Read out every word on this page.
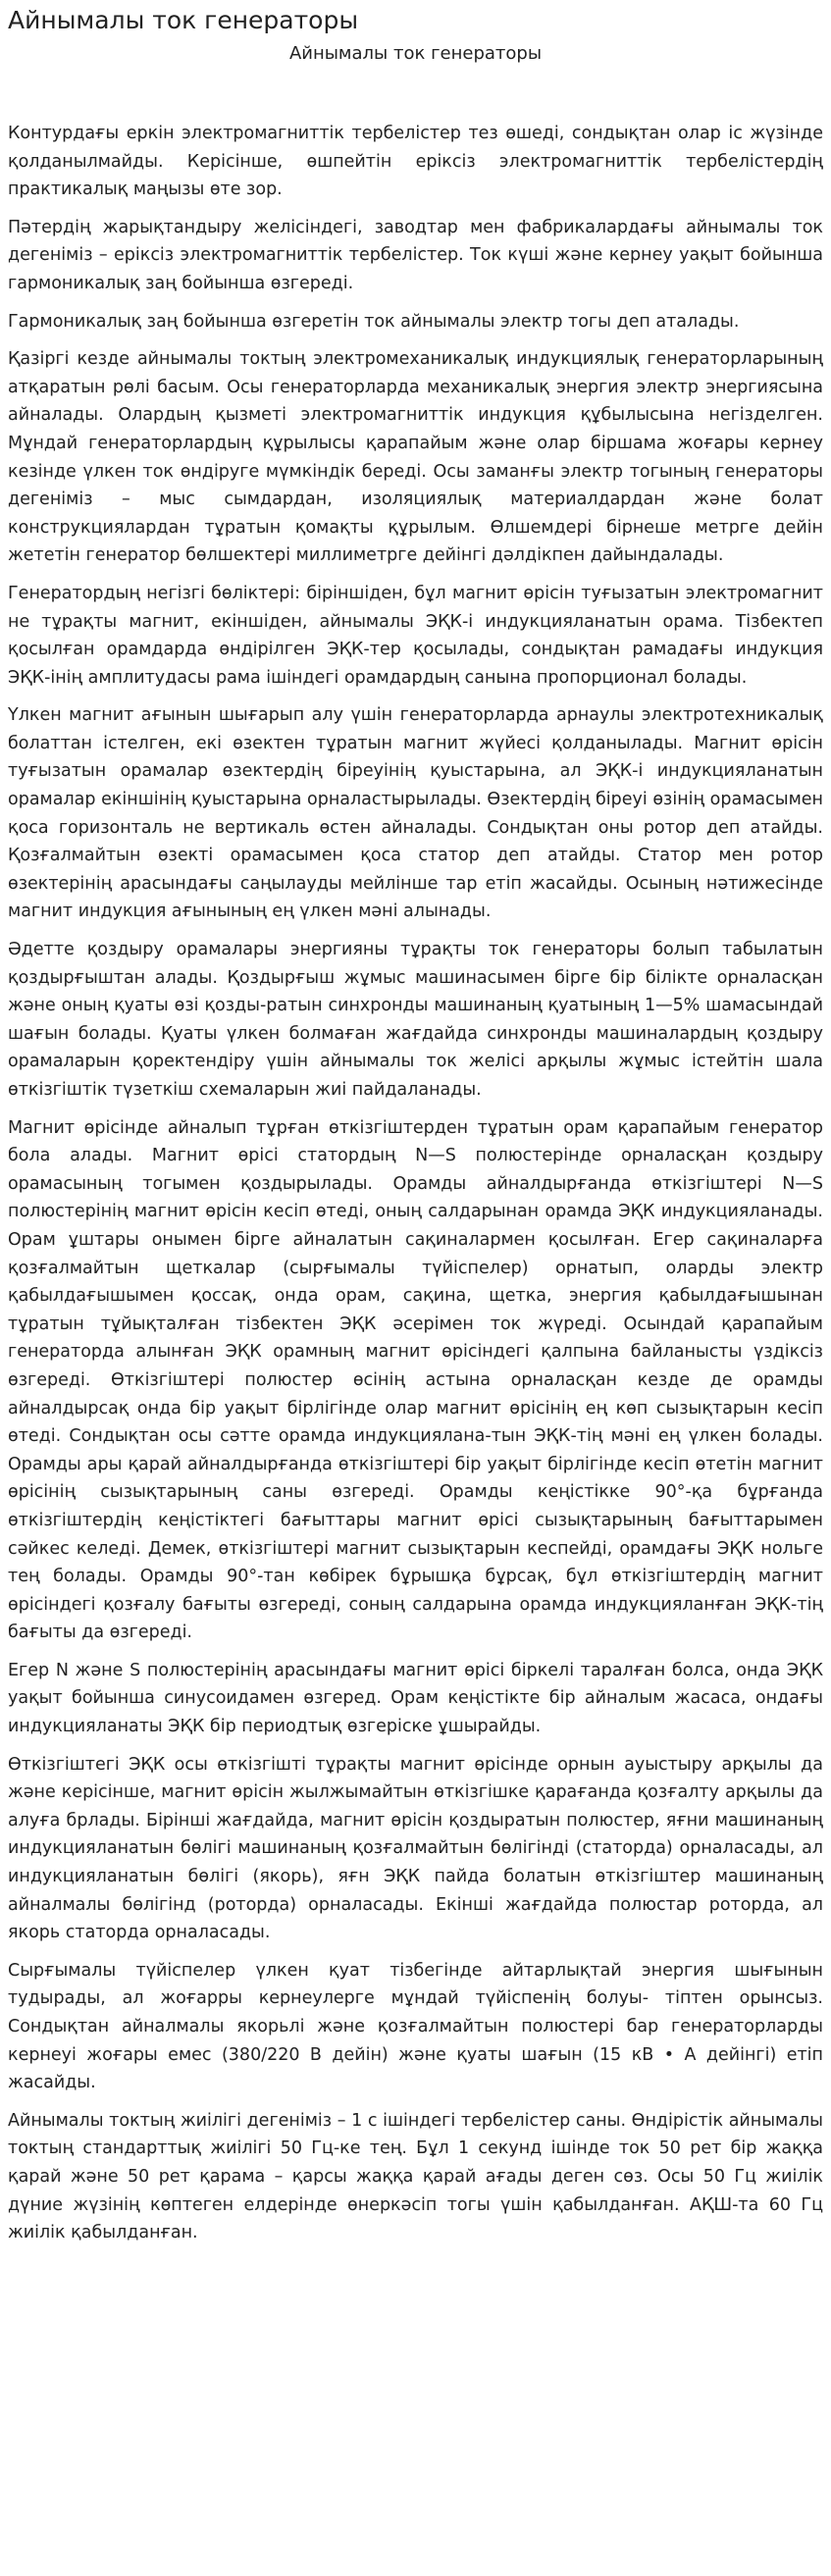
Айнымалы ток генераторы
Айнымалы ток генераторы

Контурдағы еркін электромагниттік тербелістер тез өшеді, сондықтан олар іс жүзінде қолданылмайды. Керісінше, өшпейтін еріксіз электромагниттік тербелістердің практикалық маңызы өте зор.

Пәтердің жарықтандыру желісіндегі, заводтар мен фабрикалардағы айнымалы ток дегеніміз – еріксіз электромагниттік тербелістер. Ток күші және кернеу уақыт бойынша гармоникалық заң бойынша өзгереді.

Гармоникалық заң бойынша өзгеретін ток айнымалы электр тогы деп аталады.

Қазіргі кезде айнымалы токтың электромеханикалық индукциялық генераторларының атқаратын рөлі басым. Осы генераторларда механикалық энергия электр энергиясына айналады. Олардың қызметі электромагниттік индукция құбылысына негізделген. Мұндай генераторлардың құрылысы қарапайым және олар біршама жоғары кернеу кезінде үлкен ток өндіруге мүмкіндік береді. Осы заманғы электр тогының генераторы дегеніміз – мыс сымдардан, изоляциялық материалдардан және болат конструкциялардан тұратын қомақты құрылым. Өлшемдері бірнеше метрге дейін жететін генератор бөлшектері миллиметрге дейінгі дәлдікпен дайындалады.

Генератордың негізгі бөліктері: біріншіден, бұл магнит өрісін туғызатын электромагнит не тұрақты магнит, екіншіден, айнымалы ЭҚК-і индукцияланатын орама. Тізбектеп қосылған орамдарда өндірілген ЭҚК-тер қосылады, сондықтан рамадағы индукция ЭҚК-інің амплитудасы рама ішіндегі орамдардың санына пропорционал болады.

Үлкен магнит ағынын шығарып алу үшін генераторларда арнаулы электротехникалық болаттан істелген, екі өзектен тұратын магнит жүйесі қолданылады. Магнит өрісін туғызатын орамалар өзектердің біреуінің қуыстарына, ал ЭҚК-і индукцияланатын орамалар екіншінің қуыстарына орналастырылады. Өзектердің біреуі өзінің орамасымен қоса горизонталь не вертикаль өстен айналады. Сондықтан оны ротор деп атайды. Қозғалмайтын өзекті орамасымен қоса статор деп атайды. Статор мен ротор өзектерінің арасындағы саңылауды мейлінше тар етіп жасайды. Осының нәтижесінде магнит индукция ағынының ең үлкен мәні алынады.

Әдетте қоздыру орамалары энергияны тұрақты ток генераторы болып табылатын қоздырғыштан алады. Қоздырғыш жұмыс машинасымен бірге бір білікте орналасқан және оның қуаты өзі қозды-ратын синхронды машинаның қуатының 1—5% шамасындай шағын болады. Қуаты үлкен болмаған жағдайда синхронды машиналардың қоздыру орамаларын қоректендіру үшін айнымалы ток желісі арқылы жұмыс істейтін шала өткізгіштік түзеткіш схемаларын жиі пайдаланады.

Магнит өрісінде айналып тұрған өткізгіштерден тұратын орам қарапайым генератор бола алады. Магнит өрісі статордың N—S полюстерінде орналасқан қоздыру орамасының тогымен қоздырылады. Орамды айналдырғанда өткізгіштері N—S полюстерінің магнит өрісін кесіп өтеді, оның салдарынан орамда ЭҚК индукцияланады. Орам ұштары онымен бірге айналатын сақиналармен қосылған. Егер сақиналарға қозғалмайтын щеткалар (сырғымалы түйіспелер) орнатып, оларды электр қабылдағышымен қоссақ, онда орам, сақина, щетка, энергия қабылдағышынан тұратын тұйықталған тізбектен ЭҚК әсерімен ток жүреді. Осындай қарапайым генераторда алынған ЭҚК орамның магнит өрісіндегі қалпына байланысты үздіксіз өзгереді. Өткізгіштері полюстер өсінің астына орналасқан кезде де орамды айналдырсақ онда бір уақыт бірлігінде олар магнит өрісінің ең көп сызықтарын кесіп өтеді. Сондықтан осы сәтте орамда индукциялана-тын ЭҚК-тің мәні ең үлкен болады. Орамды ары қарай айналдырғанда өткізгіштері бір уақыт бірлігінде кесіп өтетін магнит өрісінің сызықтарының саны өзгереді. Орамды кеңістікке 90°-қа бұрғанда өткізгіштердің кеңістіктегі бағыттары магнит өрісі сызықтарының бағыттарымен сәйкес келеді. Демек, өткізгіштері магнит сызықтарын кеспейді, орамдағы ЭҚК нольге тең болады. Орамды 90°-тан көбірек бұрышқа бұрсақ, бұл өткізгіштердің магнит өрісіндегі қозғалу бағыты өзгереді, соның салдарына орамда индукцияланған ЭҚК-тің бағыты да өзгереді.

Егер N және S полюстерінің арасындағы магнит өрісі біркелі таралған болса, онда ЭҚК уақыт бойынша синусоидамен өзгеред. Орам кеңістікте бір айналым жасаса, ондағы индукцияланаты ЭҚК бір периодтық өзгеріске ұшырайды.

Өткізгіштегі ЭҚК осы өткізгішті тұрақты магнит өрісінде орнын ауыстыру арқылы да және керісінше, магнит өрісін жылжымайтын өткізгішке қарағанда қозғалту арқылы да алуға брлады. Бірінші жағдайда, магнит өрісін қоздыратын полюстер, яғни машинаның индукцияланатын бөлігі машинаның қозғалмайтын бөлігінді (статорда) орналасады, ал индукцияланатын бөлігі (якорь), яғн ЭҚК пайда болатын өткізгіштер машинаның айналмалы бөлігінд (роторда) орналасады. Екінші жағдайда полюстар роторда, ал якорь статорда орналасады.

Сырғымалы түйіспелер үлкен қуат тізбегінде айтарлықтай энергия шығынын тудырады, ал жоғарры кернеулерге мұндай түйіспенің болуы- тіптен орынсыз. Сондықтан айналмалы якорьлі және қозғалмайтын полюстері бар генераторларды кернеуі жоғары емес (380/220 В дейін) және қуаты шағын (15 кВ • А дейінгі) етіп жасайды.

Айнымалы токтың жиілігі дегеніміз – 1 с ішіндегі тербелістер саны. Өндірістік айнымалы токтың стандарттық жиілігі 50 Гц-ке тең. Бұл 1 секунд ішінде ток 50 рет бір жаққа қарай және 50 рет қарама – қарсы жаққа қарай ағады деген сөз. Осы 50 Гц жиілік дүние жүзінің көптеген елдерінде өнеркәсіп тогы үшін қабылданған. АҚШ-та 60 Гц жиілік қабылданған.
